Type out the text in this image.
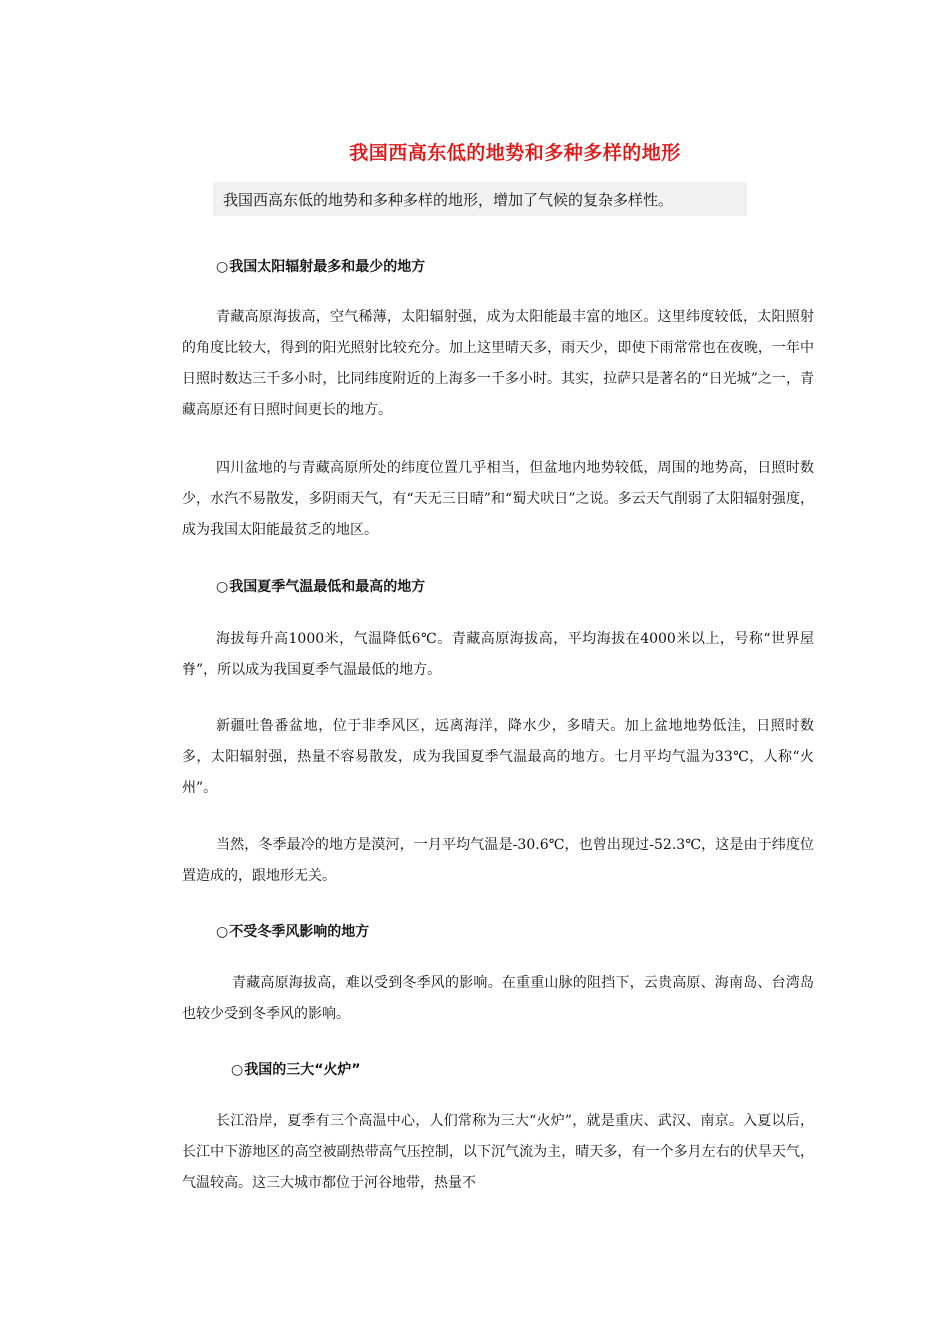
我国西高东低的地势和多种多样的地形
我国西高东低的地势和多种多样的地形，增加了气候的复杂多样性。
○我国太阳辐射最多和最少的地方

青藏高原海拔高，空气稀薄，太阳辐射强，成为太阳能最丰富的地区。这里纬度较低，太阳照射的角度比较大，得到的阳光照射比较充分。加上这里晴天多，雨天少，即使下雨常常也在夜晚，一年中日照时数达三千多小时，比同纬度附近的上海多一千多小时。其实，拉萨只是著名的“日光城”之一，青藏高原还有日照时间更长的地方。

四川盆地的与青藏高原所处的纬度位置几乎相当，但盆地内地势较低，周围的地势高，日照时数少，水汽不易散发，多阴雨天气，有“天无三日晴”和“蜀犬吠日”之说。多云天气削弱了太阳辐射强度，成为我国太阳能最贫乏的地区。

○我国夏季气温最低和最高的地方

海拔每升高1000米，气温降低6℃。青藏高原海拔高，平均海拔在4000米以上，号称“世界屋脊”，所以成为我国夏季气温最低的地方。

新疆吐鲁番盆地，位于非季风区，远离海洋，降水少，多晴天。加上盆地地势低洼，日照时数多，太阳辐射强，热量不容易散发，成为我国夏季气温最高的地方。七月平均气温为33℃，人称“火州”。

当然，冬季最冷的地方是漠河，一月平均气温是-30.6℃，也曾出现过-52.3℃，这是由于纬度位置造成的，跟地形无关。

○不受冬季风影响的地方

青藏高原海拔高，难以受到冬季风的影响。在重重山脉的阻挡下，云贵高原、海南岛、台湾岛也较少受到冬季风的影响。

○我国的三大“火炉”

长江沿岸，夏季有三个高温中心，人们常称为三大“火炉”，就是重庆、武汉、南京。入夏以后，长江中下游地区的高空被副热带高气压控制，以下沉气流为主，晴天多，有一个多月左右的伏旱天气，气温较高。这三大城市都位于河谷地带，热量不
